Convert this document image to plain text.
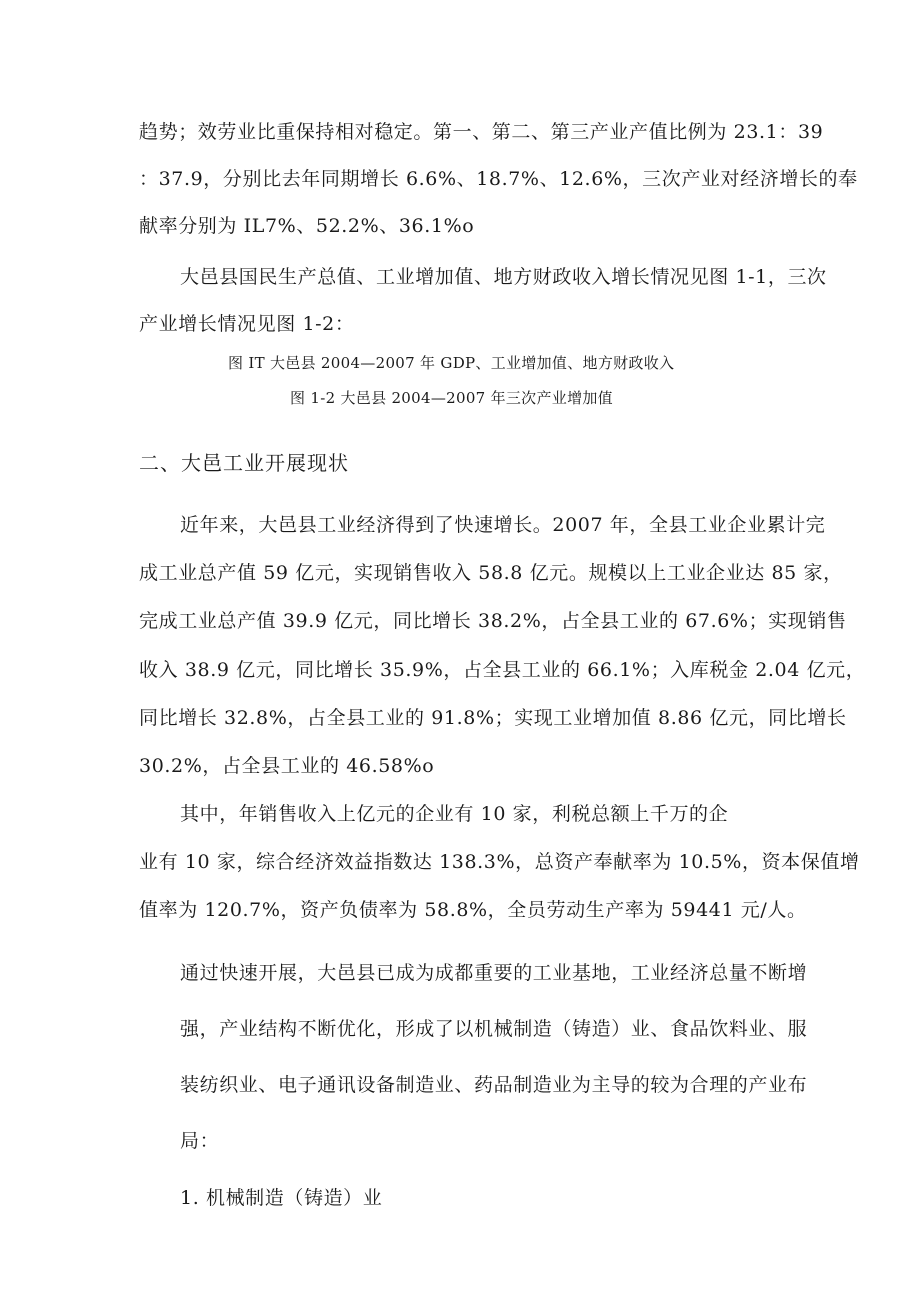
趋势；效劳业比重保持相对稳定。第一、第二、第三产业产值比例为 23.1：39
：37.9，分别比去年同期增长 6.6%、18.7%、12.6%，三次产业对经济增长的奉
献率分别为 IL7%、52.2%、36.1%o
大邑县国民生产总值、工业增加值、地方财政收入增长情况见图 1-1，三次
产业增长情况见图 1-2：
图 IT 大邑县 2004—2007 年 GDP、工业增加值、地方财政收入
图 1-2 大邑县 2004—2007 年三次产业增加值
二、大邑工业开展现状
近年来，大邑县工业经济得到了快速增长。2007 年，全县工业企业累计完
成工业总产值 59 亿元，实现销售收入 58.8 亿元。规模以上工业企业达 85 家，
完成工业总产值 39.9 亿元，同比增长 38.2%，占全县工业的 67.6%；实现销售
收入 38.9 亿元，同比增长 35.9%，占全县工业的 66.1%；入库税金 2.04 亿元，
同比增长 32.8%，占全县工业的 91.8%；实现工业增加值 8.86 亿元，同比增长
30.2%，占全县工业的 46.58%o
其中，年销售收入上亿元的企业有 10 家，利税总额上千万的企
业有 10 家，综合经济效益指数达 138.3%，总资产奉献率为 10.5%，资本保值增
值率为 120.7%，资产负债率为 58.8%，全员劳动生产率为 59441 元/人。
通过快速开展，大邑县已成为成都重要的工业基地，工业经济总量不断增
强，产业结构不断优化，形成了以机械制造（铸造）业、食品饮料业、服
装纺织业、电子通讯设备制造业、药品制造业为主导的较为合理的产业布
局：
1. 机械制造（铸造）业
